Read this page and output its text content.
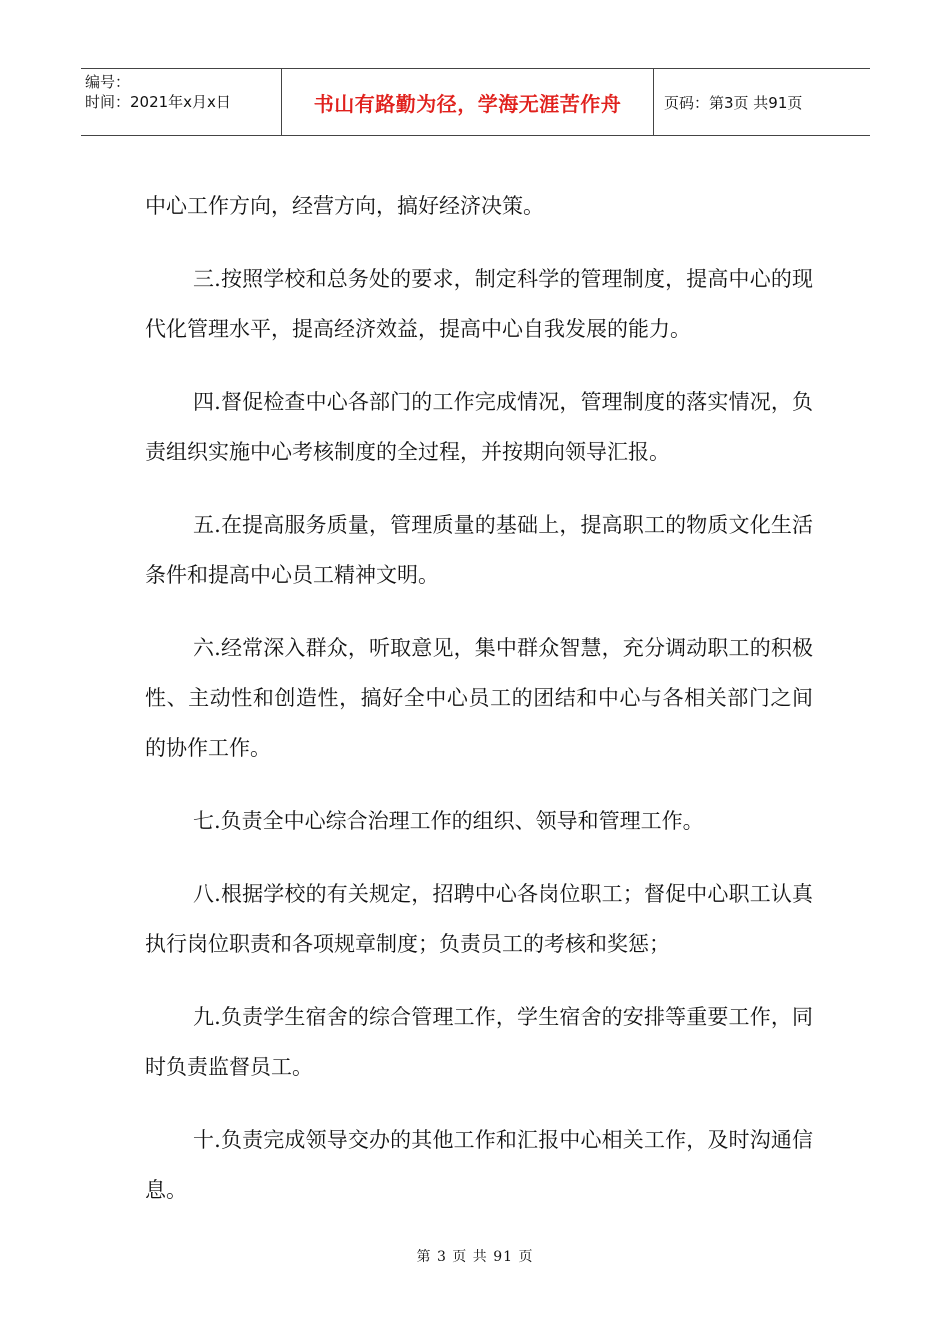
编号：
时间：2021年x月x日	书山有路勤为径，学海无涯苦作舟	页码：第3页 共91页

中心工作方向，经营方向，搞好经济决策。

三.按照学校和总务处的要求，制定科学的管理制度，提高中心的现代化管理水平，提高经济效益，提高中心自我发展的能力。

四.督促检查中心各部门的工作完成情况，管理制度的落实情况，负责组织实施中心考核制度的全过程，并按期向领导汇报。

五.在提高服务质量，管理质量的基础上，提高职工的物质文化生活条件和提高中心员工精神文明。

六.经常深入群众，听取意见，集中群众智慧，充分调动职工的积极性、主动性和创造性，搞好全中心员工的团结和中心与各相关部门之间的协作工作。

七.负责全中心综合治理工作的组织、领导和管理工作。

八.根据学校的有关规定，招聘中心各岗位职工；督促中心职工认真执行岗位职责和各项规章制度；负责员工的考核和奖惩；

九.负责学生宿舍的综合管理工作，学生宿舍的安排等重要工作，同时负责监督员工。

十.负责完成领导交办的其他工作和汇报中心相关工作，及时沟通信息。

第 3 页 共 91 页
